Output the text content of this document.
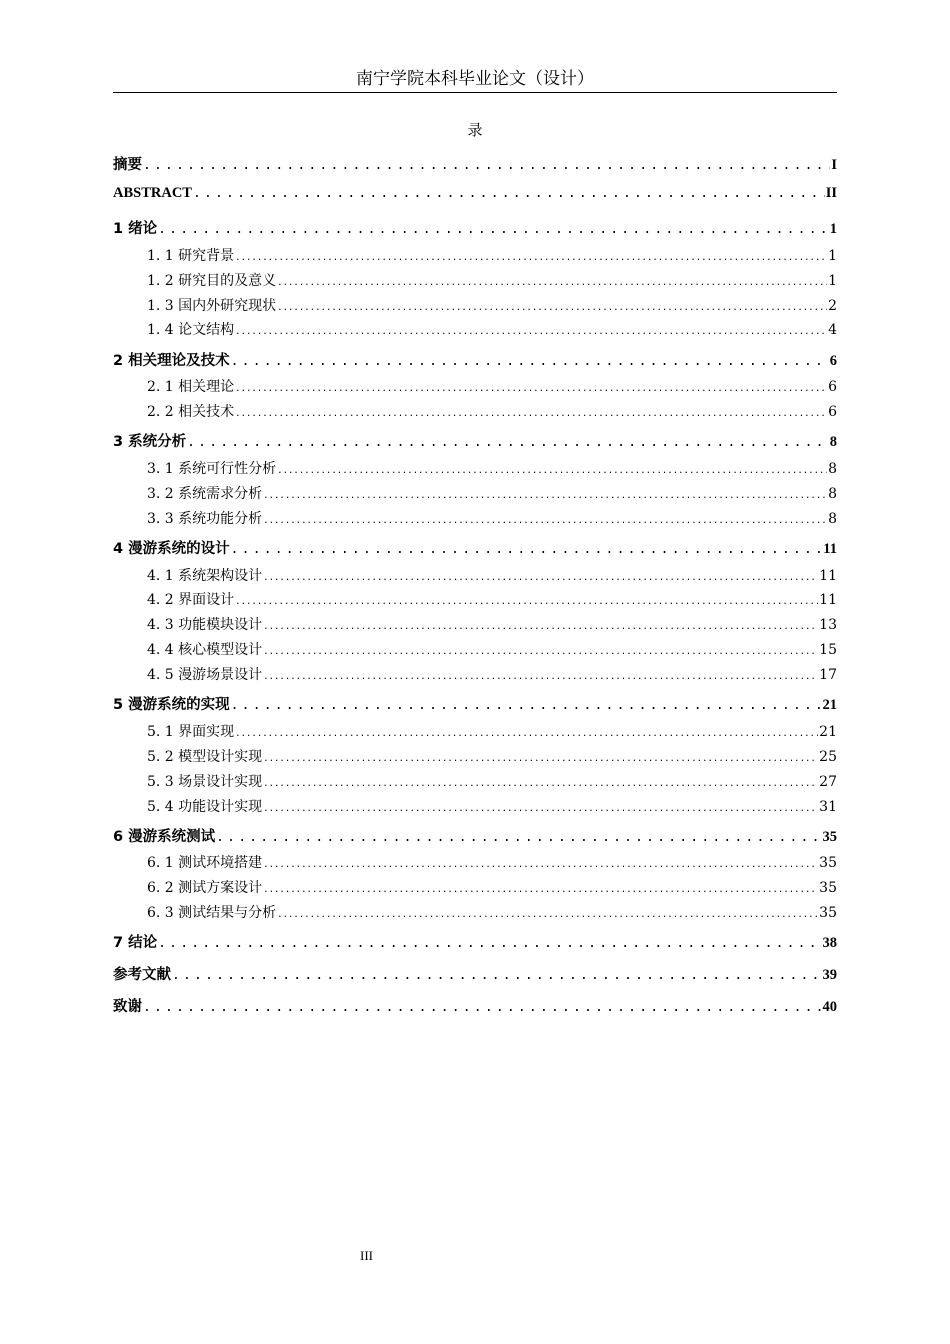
南宁学院本科毕业论文（设计）
录
摘要 .....	I
ABSTRACT .....	II
1 绪论 .....	1
1. 1 研究背景 .....	1
1. 2 研究目的及意义 .....	1
1. 3 国内外研究现状 .....	2
1. 4 论文结构 .....	4
2 相关理论及技术 .....	6
2. 1 相关理论 .....	6
2. 2 相关技术 .....	6
3 系统分析 .....	8
3. 1 系统可行性分析 .....	8
3. 2 系统需求分析 .....	8
3. 3 系统功能分析 .....	8
4 漫游系统的设计 .....	11
4. 1 系统架构设计 .....	11
4. 2 界面设计 .....	11
4. 3 功能模块设计 .....	13
4. 4 核心模型设计 .....	15
4. 5 漫游场景设计 .....	17
5 漫游系统的实现 .....	21
5. 1 界面实现 .....	21
5. 2 模型设计实现 .....	25
5. 3 场景设计实现 .....	27
5. 4 功能设计实现 .....	31
6 漫游系统测试 .....	35
6. 1 测试环境搭建 .....	35
6. 2 测试方案设计 .....	35
6. 3 测试结果与分析 .....	35
7 结论 .....	38
参考文献 .....	39
致谢 .....	40
III
